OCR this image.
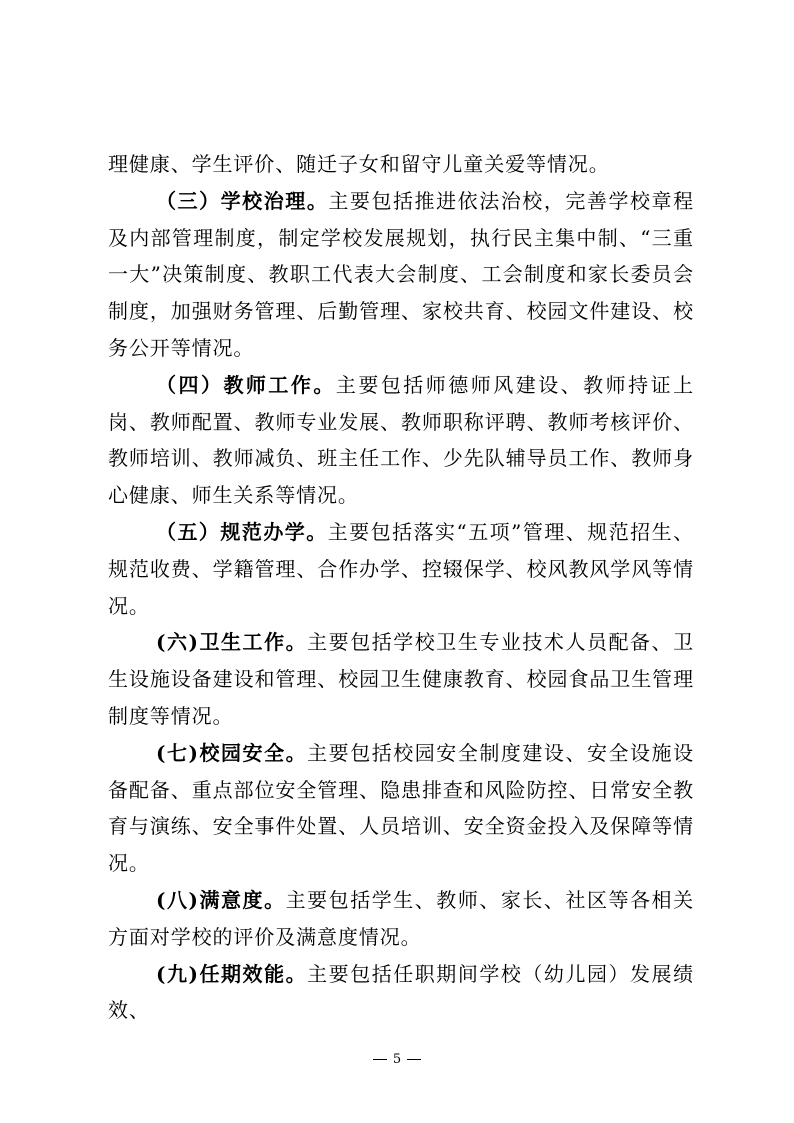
理健康、学生评价、随迁子女和留守儿童关爱等情况。

（三）学校治理。主要包括推进依法治校，完善学校章程及内部管理制度，制定学校发展规划，执行民主集中制、“三重一大”决策制度、教职工代表大会制度、工会制度和家长委员会制度，加强财务管理、后勤管理、家校共育、校园文件建设、校务公开等情况。

（四）教师工作。主要包括师德师风建设、教师持证上岗、教师配置、教师专业发展、教师职称评聘、教师考核评价、教师培训、教师减负、班主任工作、少先队辅导员工作、教师身心健康、师生关系等情况。

（五）规范办学。主要包括落实“五项”管理、规范招生、规范收费、学籍管理、合作办学、控辍保学、校风教风学风等情况。

(六)卫生工作。主要包括学校卫生专业技术人员配备、卫生设施设备建设和管理、校园卫生健康教育、校园食品卫生管理制度等情况。

(七)校园安全。主要包括校园安全制度建设、安全设施设备配备、重点部位安全管理、隐患排查和风险防控、日常安全教育与演练、安全事件处置、人员培训、安全资金投入及保障等情况。

(八)满意度。主要包括学生、教师、家长、社区等各相关方面对学校的评价及满意度情况。

(九)任期效能。主要包括任职期间学校（幼儿园）发展绩效、

5
